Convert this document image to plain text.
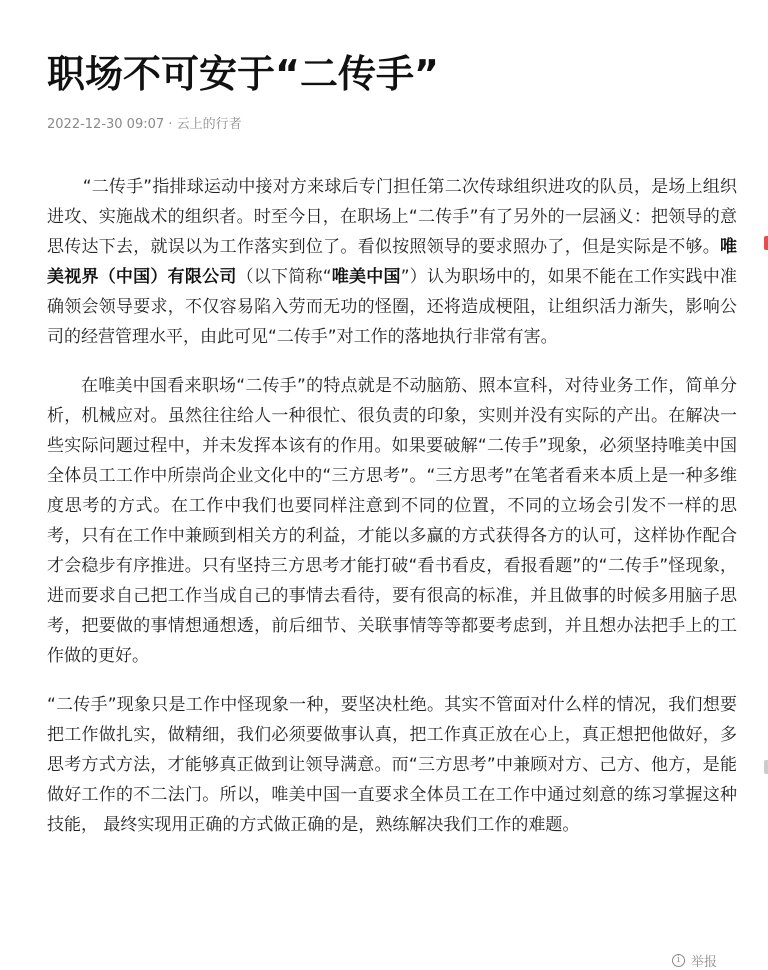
职场不可安于“二传手”
2022-12-30 09:07 · 云上的行者

“二传手”指排球运动中接对方来球后专门担任第二次传球组织进攻的队员，是场上组织进攻、实施战术的组织者。时至今日，在职场上“二传手”有了另外的一层涵义：把领导的意思传达下去，就误以为工作落实到位了。看似按照领导的要求照办了，但是实际是不够。唯美视界（中国）有限公司（以下简称“唯美中国”）认为职场中的，如果不能在工作实践中准确领会领导要求，不仅容易陷入劳而无功的怪圈，还将造成梗阻，让组织活力渐失，影响公司的经营管理水平，由此可见“二传手”对工作的落地执行非常有害。

在唯美中国看来职场“二传手”的特点就是不动脑筋、照本宣科，对待业务工作，简单分析，机械应对。虽然往往给人一种很忙、很负责的印象，实则并没有实际的产出。在解决一些实际问题过程中，并未发挥本该有的作用。如果要破解“二传手”现象，必须坚持唯美中国全体员工工作中所崇尚企业文化中的“三方思考”。“三方思考”在笔者看来本质上是一种多维度思考的方式。在工作中我们也要同样注意到不同的位置，不同的立场会引发不一样的思考，只有在工作中兼顾到相关方的利益，才能以多赢的方式获得各方的认可，这样协作配合才会稳步有序推进。只有坚持三方思考才能打破“看书看皮，看报看题”的“二传手”怪现象，进而要求自己把工作当成自己的事情去看待，要有很高的标准，并且做事的时候多用脑子思考，把要做的事情想通想透，前后细节、关联事情等等都要考虑到，并且想办法把手上的工作做的更好。

“二传手”现象只是工作中怪现象一种，要坚决杜绝。其实不管面对什么样的情况，我们想要把工作做扎实，做精细，我们必须要做事认真，把工作真正放在心上，真正想把他做好，多思考方式方法，才能够真正做到让领导满意。而“三方思考”中兼顾对方、己方、他方，是能做好工作的不二法门。所以，唯美中国一直要求全体员工在工作中通过刻意的练习掌握这种技能， 最终实现用正确的方式做正确的是，熟练解决我们工作的难题。

i 举报
